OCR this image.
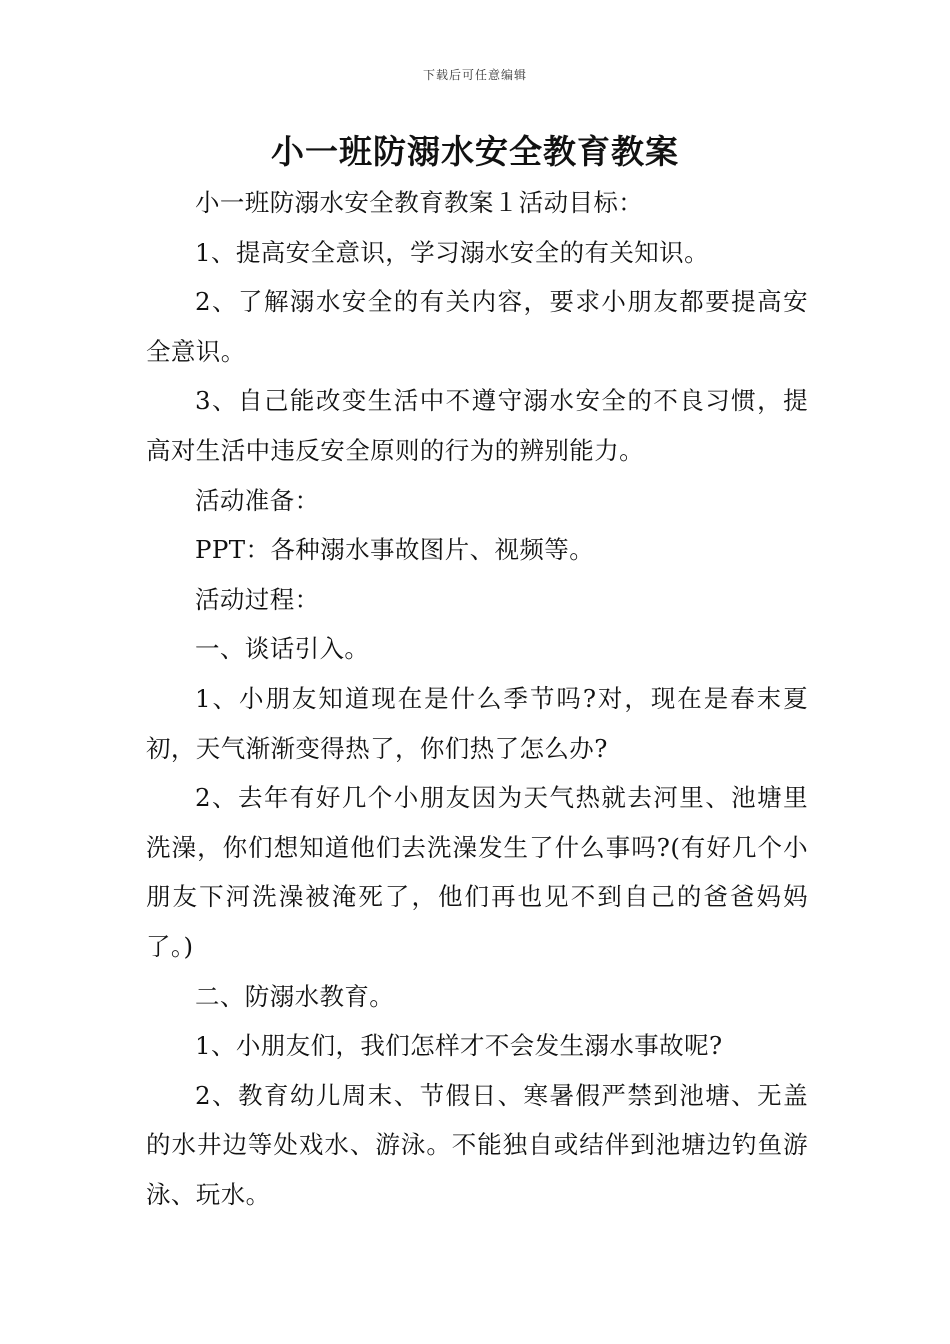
下载后可任意编辑
小一班防溺水安全教育教案

小一班防溺水安全教育教案１活动目标：

1、提高安全意识，学习溺水安全的有关知识。

2、了解溺水安全的有关内容，要求小朋友都要提高安全意识。

3、自己能改变生活中不遵守溺水安全的不良习惯，提高对生活中违反安全原则的行为的辨别能力。

活动准备：

PPT：各种溺水事故图片、视频等。

活动过程：

一、谈话引入。

1、小朋友知道现在是什么季节吗?对，现在是春末夏初，天气渐渐变得热了，你们热了怎么办?

2、去年有好几个小朋友因为天气热就去河里、池塘里洗澡，你们想知道他们去洗澡发生了什么事吗?(有好几个小朋友下河洗澡被淹死了，他们再也见不到自己的爸爸妈妈了。)

二、防溺水教育。

1、小朋友们，我们怎样才不会发生溺水事故呢?

2、教育幼儿周末、节假日、寒暑假严禁到池塘、无盖的水井边等处戏水、游泳。不能独自或结伴到池塘边钓鱼游泳、玩水。
